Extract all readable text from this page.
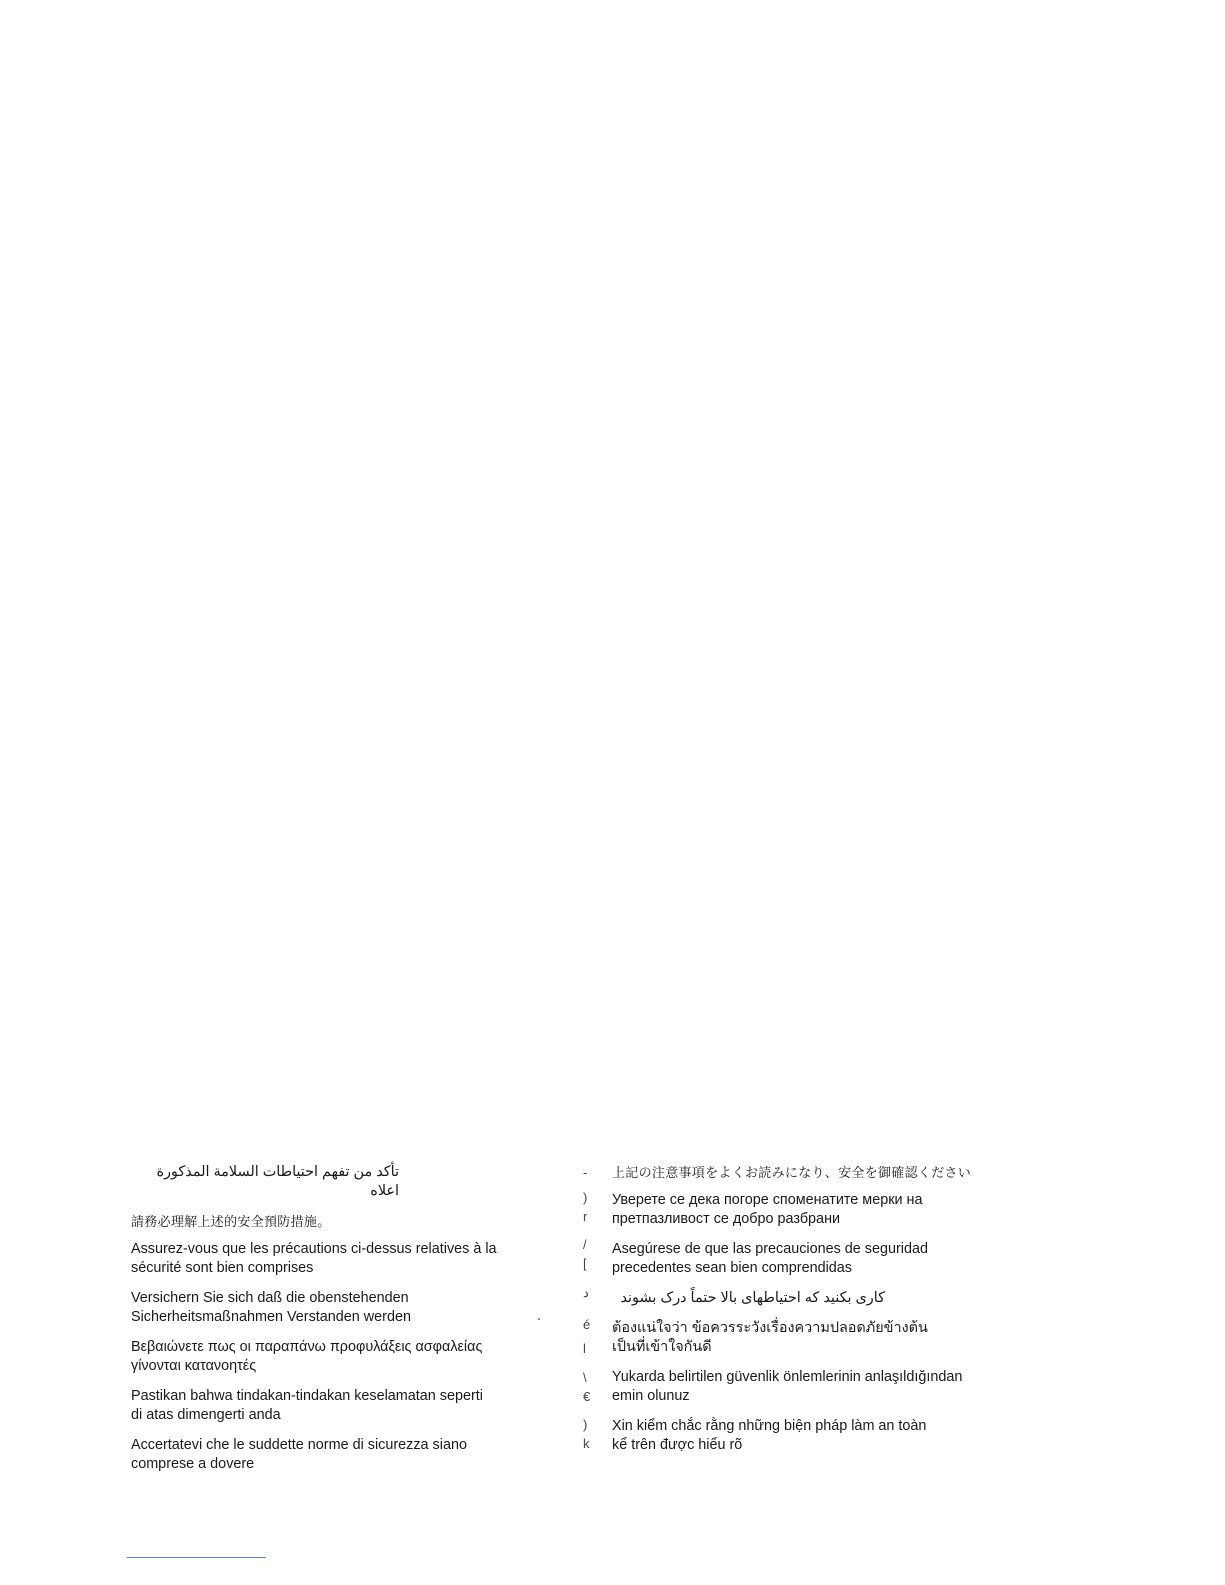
تأكد من تفهم احتياطات السلامة المذكورة اعلاه

請務必理解上述的安全預防措施。

Assurez-vous que les précautions ci-dessus relatives à la
sécurité sont bien comprises

Versichern Sie sich daß die obenstehenden
Sicherheitsmaßnahmen Verstanden werden

Βεβαιώνετε πως οι παραπάνω προφυλάξεις ασφαλείας
γίνονται κατανοητές

Pastikan bahwa tindakan-tindakan keselamatan seperti
di atas dimengerti anda

Accertatevi che le suddette norme di sicurezza siano
comprese a dovere

-
)
r
/
[
د
é
l
\
€
)
k

上記の注意事項をよくお読みになり、安全を御確認ください

Уверете се дека погоре споменатите мерки на
претпазливост се добро разбрани

Asegúrese de que las precauciones de seguridad
precedentes sean bien comprendidas

کاری بکنید که احتیاطهای بالا حتماً درک بشوند

ต้องแน่ใจว่า ข้อควรระวังเรื่องความปลอดภัยข้างต้น
เป็นที่เข้าใจกันดี

Yukarda belirtilen güvenlik önlemlerinin anlaşıldığından
emin olunuz

Xin kiểm chắc rằng những biện pháp làm an toàn
kể trên được hiểu rõ
